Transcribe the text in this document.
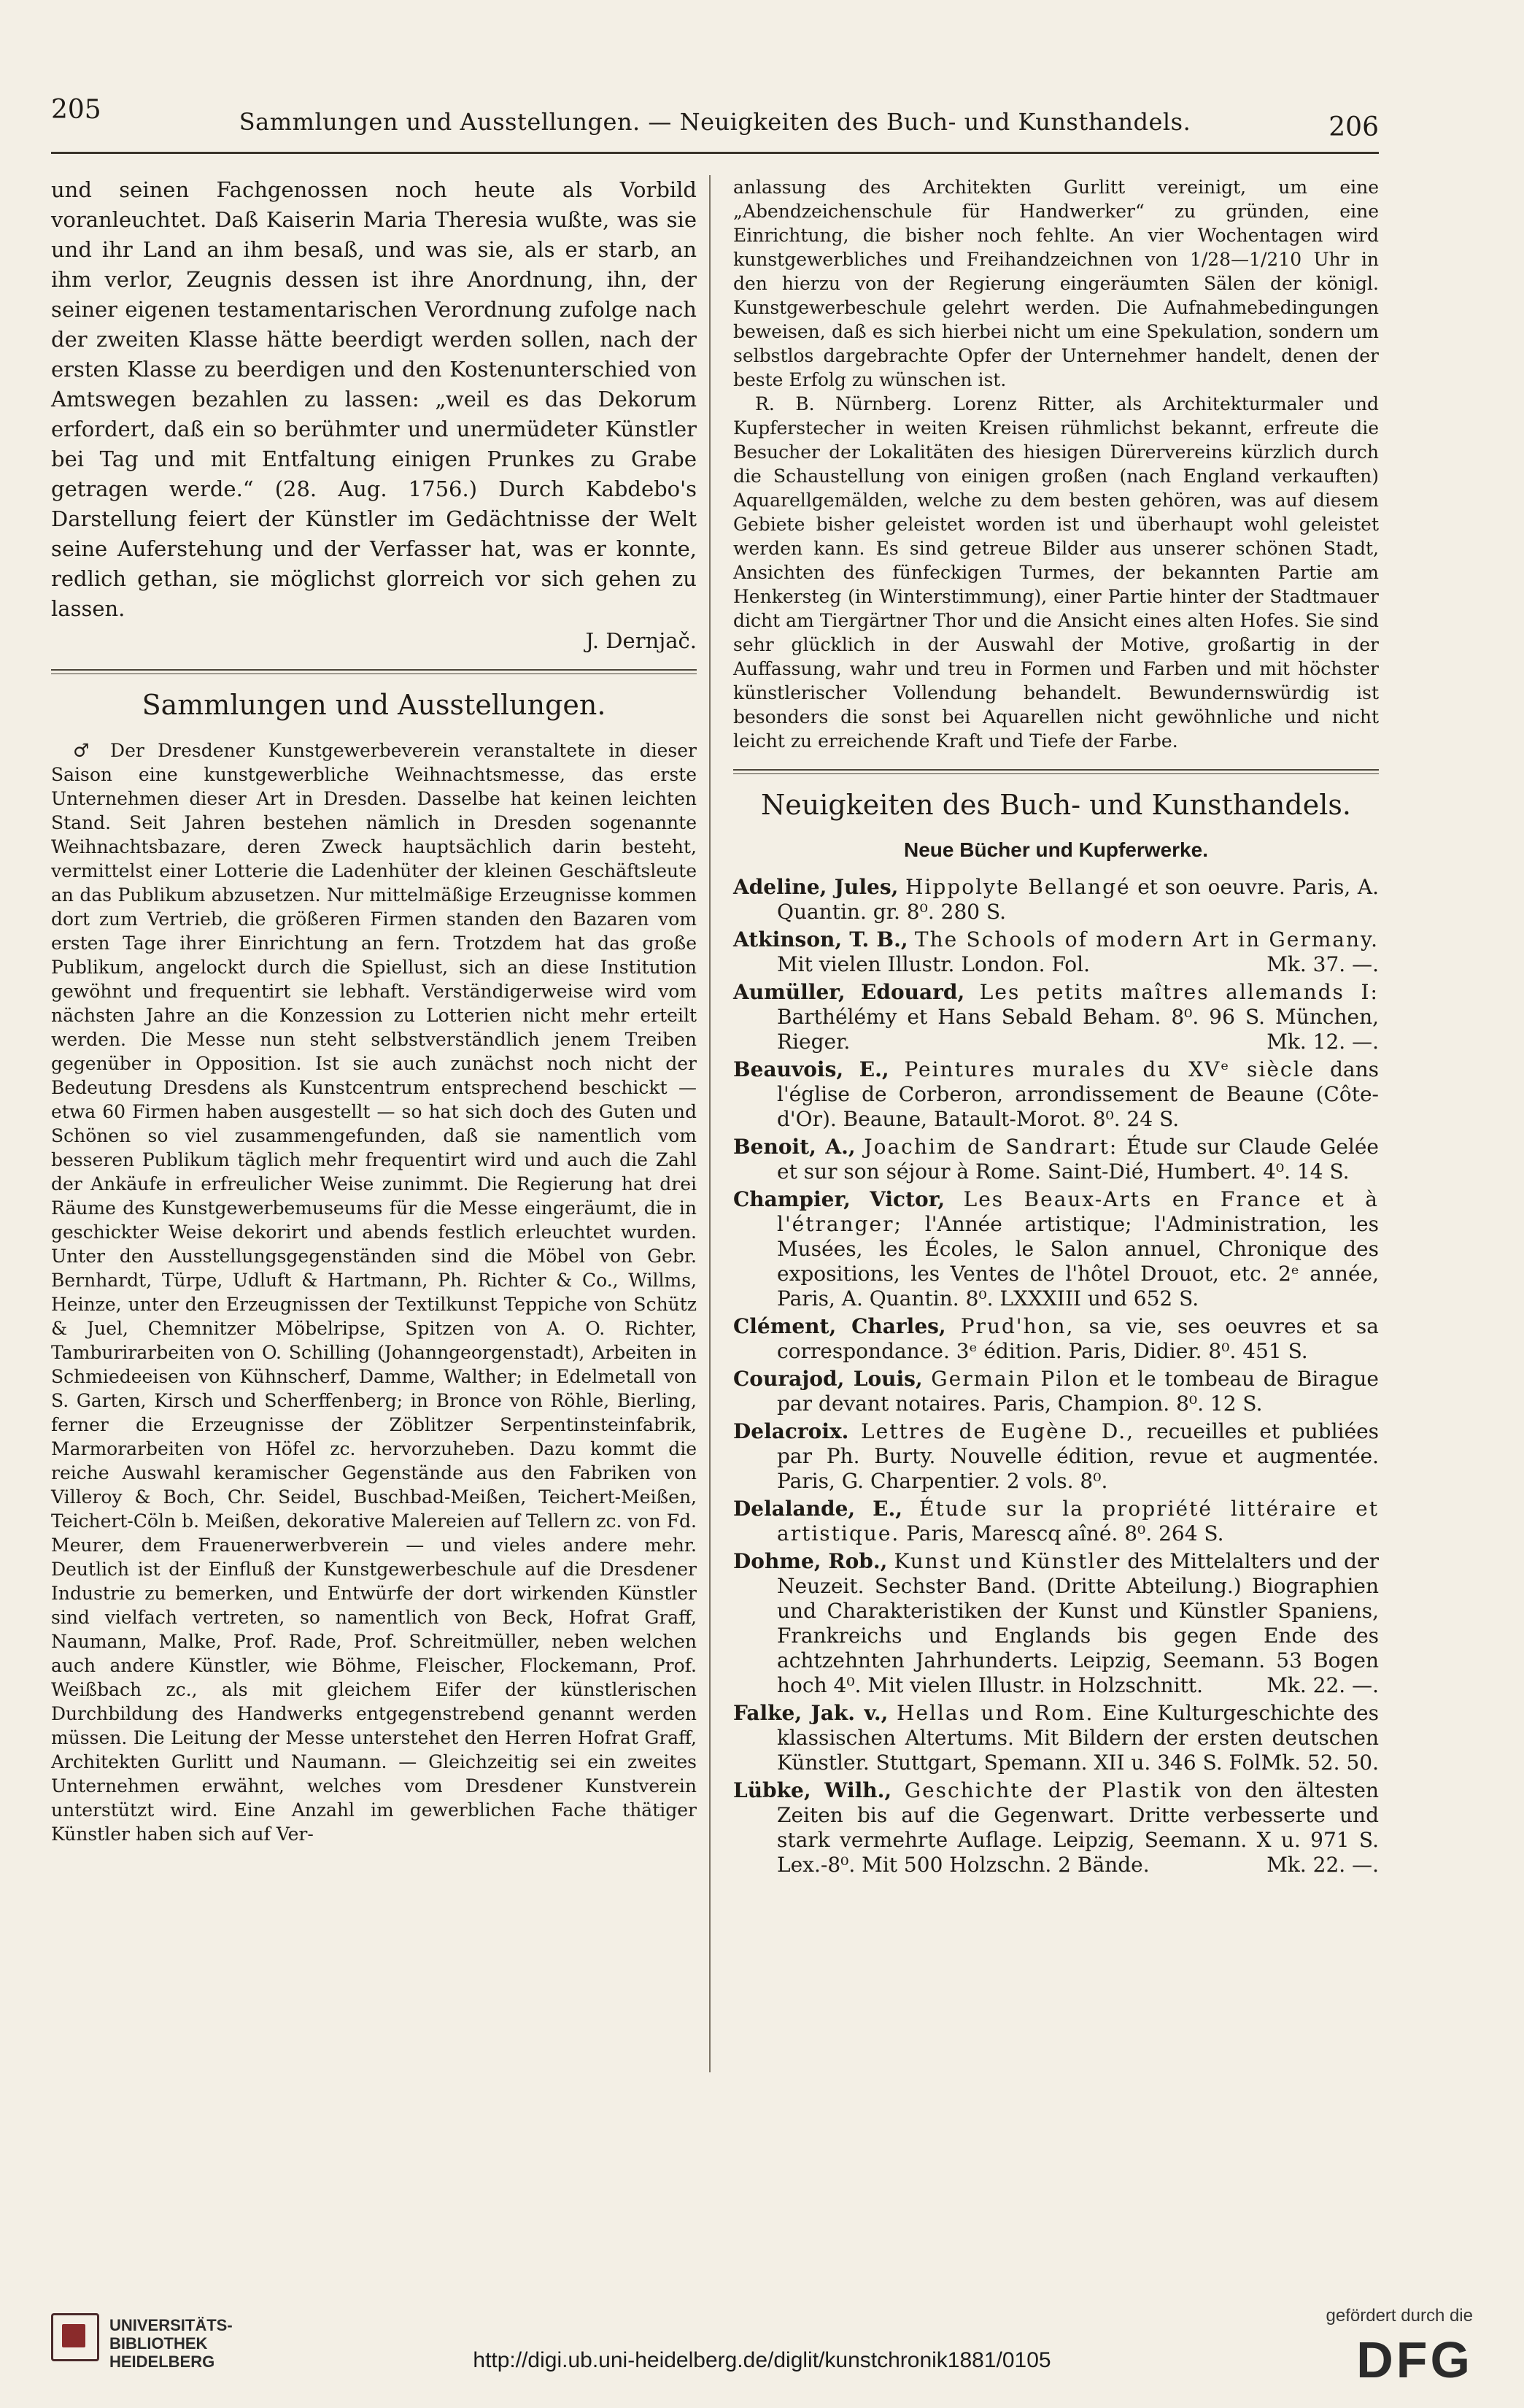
205	Sammlungen und Ausstellungen. — Neuigkeiten des Buch- und Kunsthandels.	206

und seinen Fachgenossen noch heute als Vorbild voranleuchtet. Daß Kaiserin Maria Theresia wußte, was sie und ihr Land an ihm besaß, und was sie, als er starb, an ihm verlor, Zeugnis dessen ist ihre Anordnung, ihn, der seiner eigenen testamentarischen Verordnung zufolge nach der zweiten Klasse hätte beerdigt werden sollen, nach der ersten Klasse zu beerdigen und den Kostenunterschied von Amtswegen bezahlen zu lassen: „weil es das Dekorum erfordert, daß ein so berühmter und unermüdeter Künstler bei Tag und mit Entfaltung einigen Prunkes zu Grabe getragen werde.“ (28. Aug. 1756.) Durch Kabdebo's Darstellung feiert der Künstler im Gedächtnisse der Welt seine Auferstehung und der Verfasser hat, was er konnte, redlich gethan, sie möglichst glorreich vor sich gehen zu lassen.

J. Dernjač.

Sammlungen und Ausstellungen.

♂ Der Dresdener Kunstgewerbeverein veranstaltete in dieser Saison eine kunstgewerbliche Weihnachtsmesse, das erste Unternehmen dieser Art in Dresden. Dasselbe hat keinen leichten Stand. Seit Jahren bestehen nämlich in Dresden sogenannte Weihnachtsbazare, deren Zweck hauptsächlich darin besteht, vermittelst einer Lotterie die Ladenhüter der kleinen Geschäftsleute an das Publikum abzusetzen. Nur mittelmäßige Erzeugnisse kommen dort zum Vertrieb, die größeren Firmen standen den Bazaren vom ersten Tage ihrer Einrichtung an fern. Trotzdem hat das große Publikum, angelockt durch die Spiellust, sich an diese Institution gewöhnt und frequentirt sie lebhaft. Verständigerweise wird vom nächsten Jahre an die Konzession zu Lotterien nicht mehr erteilt werden. Die Messe nun steht selbstverständlich jenem Treiben gegenüber in Opposition. Ist sie auch zunächst noch nicht der Bedeutung Dresdens als Kunstcentrum entsprechend beschickt — etwa 60 Firmen haben ausgestellt — so hat sich doch des Guten und Schönen so viel zusammengefunden, daß sie namentlich vom besseren Publikum täglich mehr frequentirt wird und auch die Zahl der Ankäufe in erfreulicher Weise zunimmt. Die Regierung hat drei Räume des Kunstgewerbemuseums für die Messe eingeräumt, die in geschickter Weise dekorirt und abends festlich erleuchtet wurden. Unter den Ausstellungsgegenständen sind die Möbel von Gebr. Bernhardt, Türpe, Udluft & Hartmann, Ph. Richter & Co., Willms, Heinze, unter den Erzeugnissen der Textilkunst Teppiche von Schütz & Juel, Chemnitzer Möbelripse, Spitzen von A. O. Richter, Tamburirarbeiten von O. Schilling (Johanngeorgenstadt), Arbeiten in Schmiedeeisen von Kühnscherf, Damme, Walther; in Edelmetall von S. Garten, Kirsch und Scherffenberg; in Bronce von Röhle, Bierling, ferner die Erzeugnisse der Zöblitzer Serpentinsteinfabrik, Marmorarbeiten von Höfel zc. hervorzuheben. Dazu kommt die reiche Auswahl keramischer Gegenstände aus den Fabriken von Villeroy & Boch, Chr. Seidel, Buschbad-Meißen, Teichert-Meißen, Teichert-Cöln b. Meißen, dekorative Malereien auf Tellern zc. von Fd. Meurer, dem Frauenerwerbverein — und vieles andere mehr. Deutlich ist der Einfluß der Kunstgewerbeschule auf die Dresdener Industrie zu bemerken, und Entwürfe der dort wirkenden Künstler sind vielfach vertreten, so namentlich von Beck, Hofrat Graff, Naumann, Malke, Prof. Rade, Prof. Schreitmüller, neben welchen auch andere Künstler, wie Böhme, Fleischer, Flockemann, Prof. Weißbach zc., als mit gleichem Eifer der künstlerischen Durchbildung des Handwerks entgegenstrebend genannt werden müssen. Die Leitung der Messe unterstehet den Herren Hofrat Graff, Architekten Gurlitt und Naumann. — Gleichzeitig sei ein zweites Unternehmen erwähnt, welches vom Dresdener Kunstverein unterstützt wird. Eine Anzahl im gewerblichen Fache thätiger Künstler haben sich auf Ver-

anlassung des Architekten Gurlitt vereinigt, um eine „Abendzeichenschule für Handwerker“ zu gründen, eine Einrichtung, die bisher noch fehlte. An vier Wochentagen wird kunstgewerbliches und Freihandzeichnen von 1/28—1/210 Uhr in den hierzu von der Regierung eingeräumten Sälen der königl. Kunstgewerbeschule gelehrt werden. Die Aufnahmebedingungen beweisen, daß es sich hierbei nicht um eine Spekulation, sondern um selbstlos dargebrachte Opfer der Unternehmer handelt, denen der beste Erfolg zu wünschen ist.

R. B. Nürnberg. Lorenz Ritter, als Architekturmaler und Kupferstecher in weiten Kreisen rühmlichst bekannt, erfreute die Besucher der Lokalitäten des hiesigen Dürervereins kürzlich durch die Schaustellung von einigen großen (nach England verkauften) Aquarellgemälden, welche zu dem besten gehören, was auf diesem Gebiete bisher geleistet worden ist und überhaupt wohl geleistet werden kann. Es sind getreue Bilder aus unserer schönen Stadt, Ansichten des fünfeckigen Turmes, der bekannten Partie am Henkersteg (in Winterstimmung), einer Partie hinter der Stadtmauer dicht am Tiergärtner Thor und die Ansicht eines alten Hofes. Sie sind sehr glücklich in der Auswahl der Motive, großartig in der Auffassung, wahr und treu in Formen und Farben und mit höchster künstlerischer Vollendung behandelt. Bewundernswürdig ist besonders die sonst bei Aquarellen nicht gewöhnliche und nicht leicht zu erreichende Kraft und Tiefe der Farbe.

Neuigkeiten des Buch- und Kunsthandels.
Neue Bücher und Kupferwerke.

Adeline, Jules, Hippolyte Bellangé et son oeuvre. Paris, A. Quantin. gr. 8⁰. 280 S.

Atkinson, T. B., The Schools of modern Art in Germany. Mit vielen Illustr. London. Fol.	Mk. 37. —.

Aumüller, Edouard, Les petits maîtres allemands I: Barthélémy et Hans Sebald Beham. 8⁰. 96 S. München, Rieger.	Mk. 12. —.

Beauvois, E., Peintures murales du XVᵉ siècle dans l'église de Corberon, arrondissement de Beaune (Côte-d'Or). Beaune, Batault-Morot. 8⁰. 24 S.

Benoit, A., Joachim de Sandrart: Étude sur Claude Gelée et sur son séjour à Rome. Saint-Dié, Humbert. 4⁰. 14 S.

Champier, Victor, Les Beaux-Arts en France et à l'étranger; l'Année artistique; l'Administration, les Musées, les Écoles, le Salon annuel, Chronique des expositions, les Ventes de l'hôtel Drouot, etc. 2ᵉ année, Paris, A. Quantin. 8⁰. LXXXIII und 652 S.

Clément, Charles, Prud'hon, sa vie, ses oeuvres et sa correspondance. 3ᵉ édition. Paris, Didier. 8⁰. 451 S.

Courajod, Louis, Germain Pilon et le tombeau de Birague par devant notaires. Paris, Champion. 8⁰. 12 S.

Delacroix. Lettres de Eugène D., recueilles et publiées par Ph. Burty. Nouvelle édition, revue et augmentée. Paris, G. Charpentier. 2 vols. 8⁰.

Delalande, E., Étude sur la propriété littéraire et artistique. Paris, Marescq aîné. 8⁰. 264 S.

Dohme, Rob., Kunst und Künstler des Mittelalters und der Neuzeit. Sechster Band. (Dritte Abteilung.) Biographien und Charakteristiken der Kunst und Künstler Spaniens, Frankreichs und Englands bis gegen Ende des achtzehnten Jahrhunderts. Leipzig, Seemann. 53 Bogen hoch 4⁰. Mit vielen Illustr. in Holzschnitt.	Mk. 22. —.

Falke, Jak. v., Hellas und Rom. Eine Kulturgeschichte des klassischen Altertums. Mit Bildern der ersten deutschen Künstler. Stuttgart, Spemann. XII u. 346 S. Fol.
Mk. 52. 50.

Lübke, Wilh., Geschichte der Plastik von den ältesten Zeiten bis auf die Gegenwart. Dritte verbesserte und stark vermehrte Auflage. Leipzig, Seemann. X u. 971 S. Lex.-8⁰. Mit 500 Holzschn. 2 Bände.	Mk. 22. —.

UNIVERSITÄTS-
BIBLIOTHEK
HEIDELBERG	http://digi.ub.uni-heidelberg.de/diglit/kunstchronik1881/0105
gefördert durch die
DFG
